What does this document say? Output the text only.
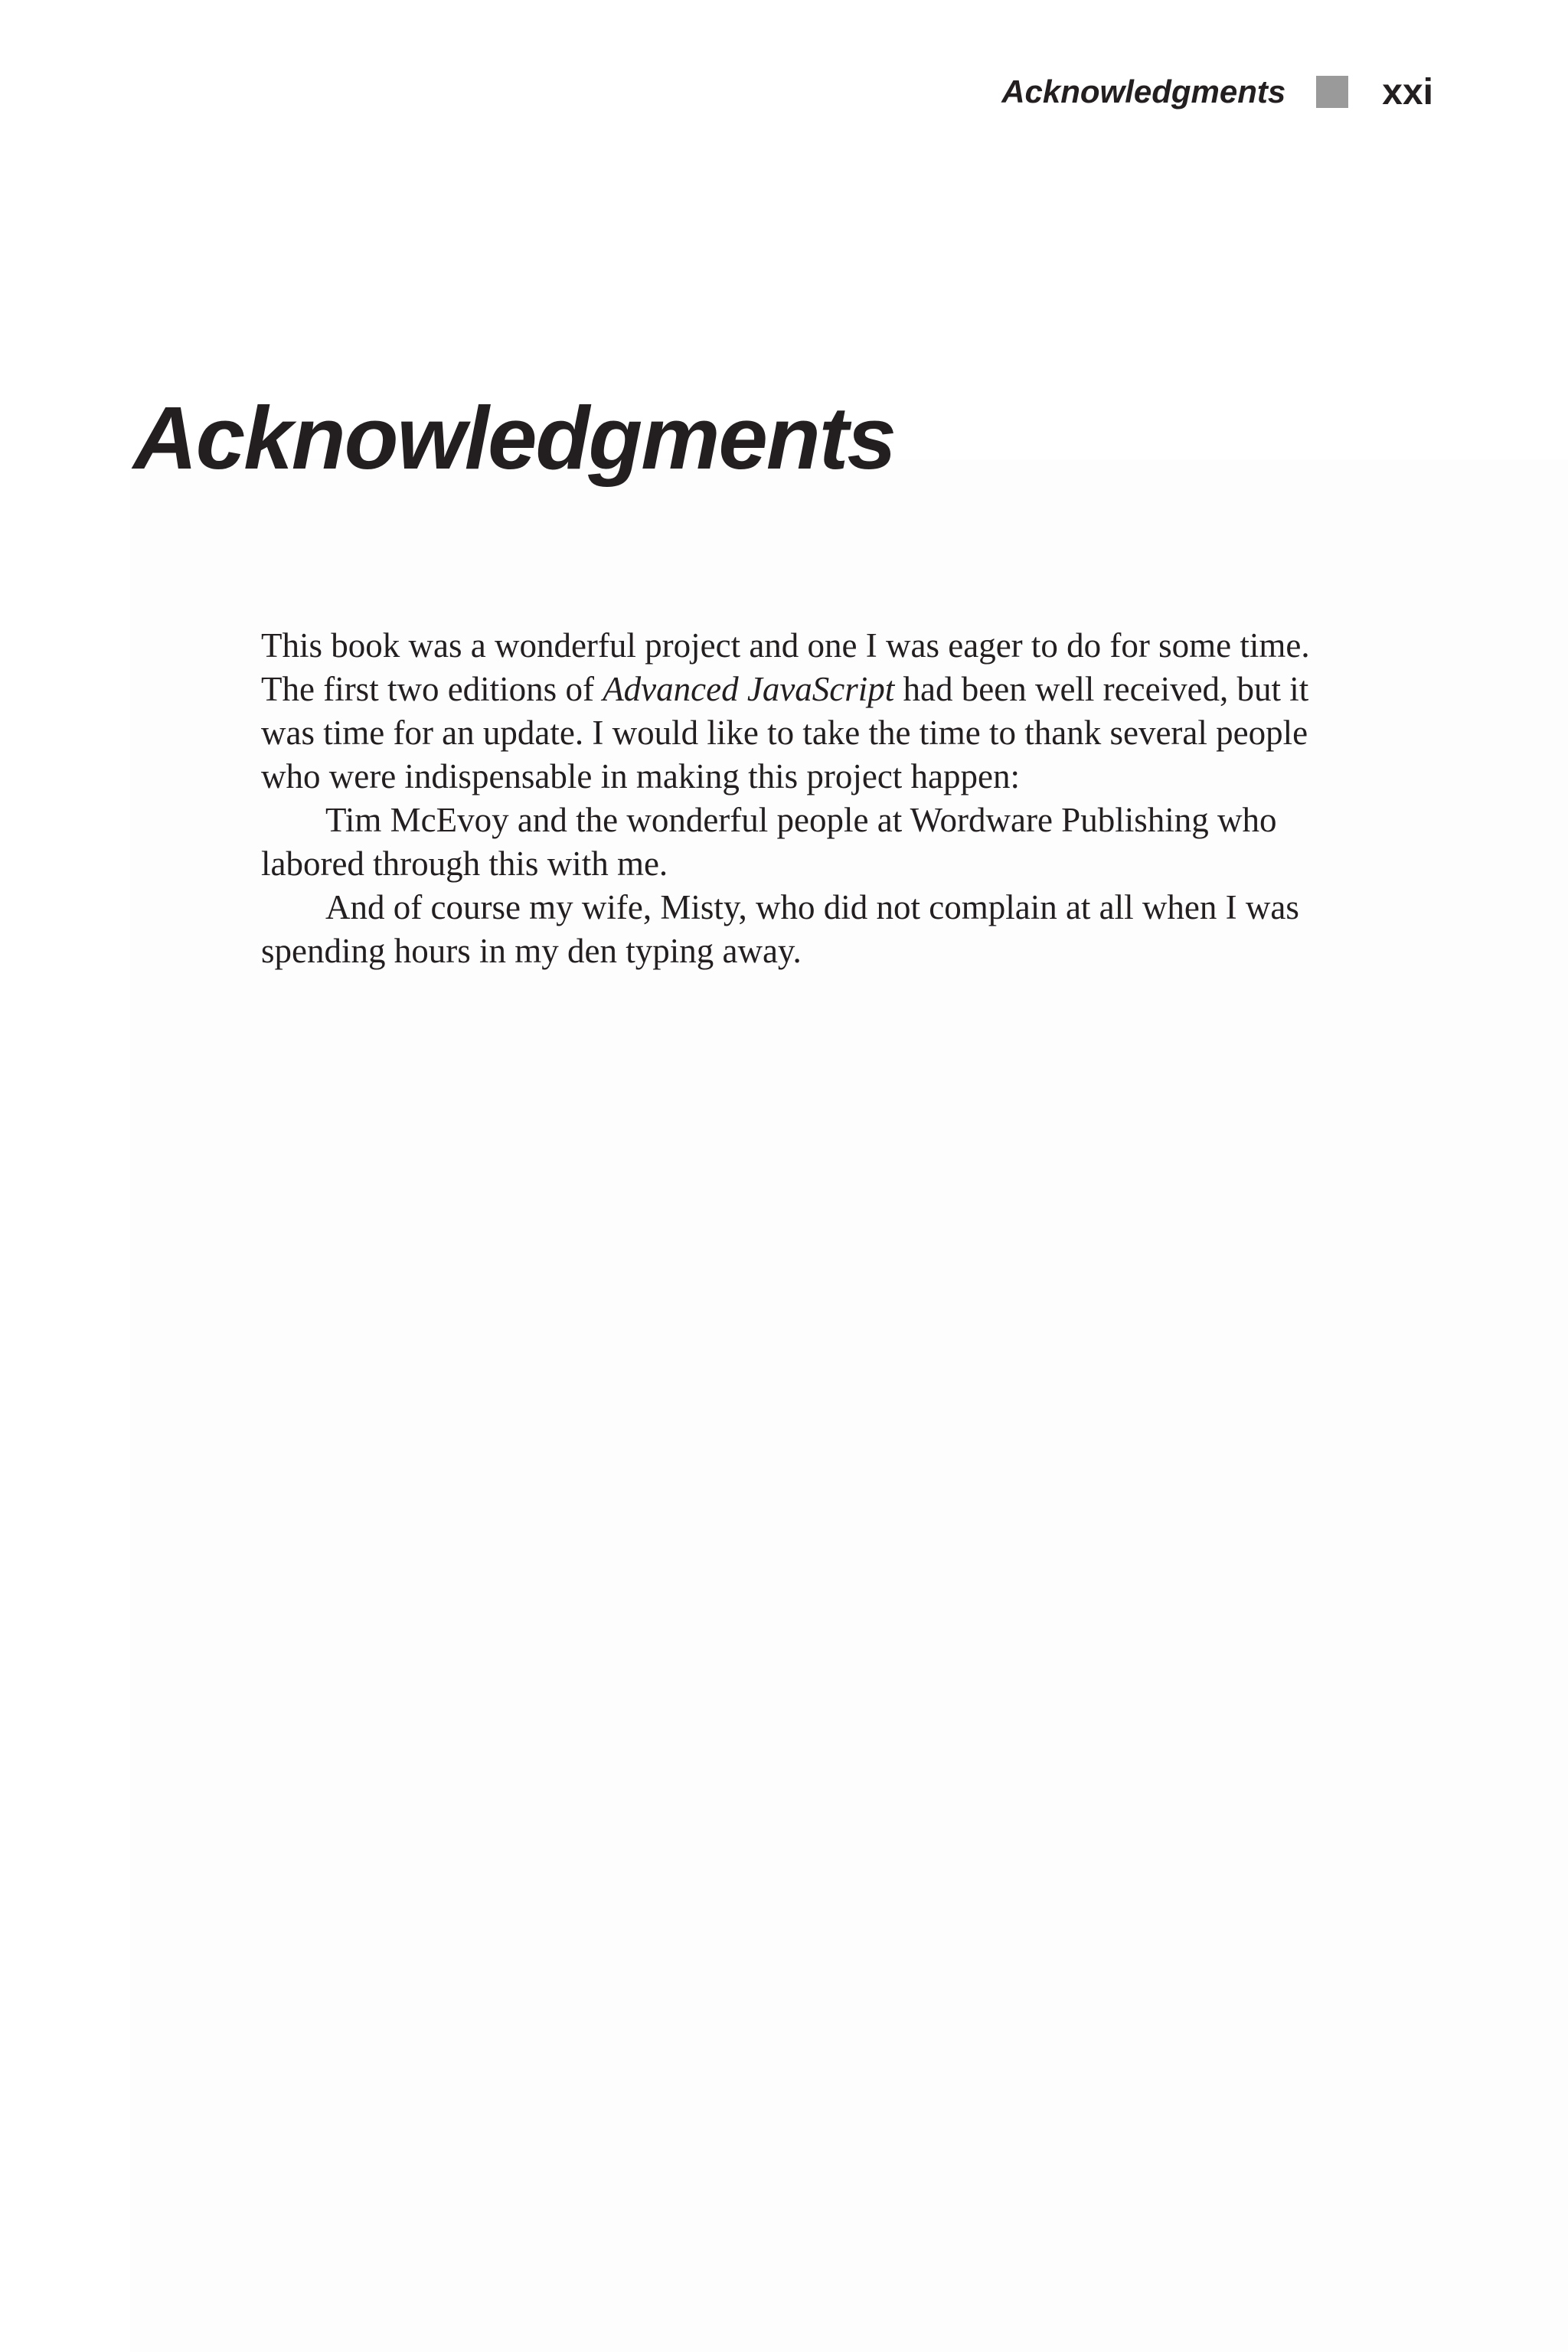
Acknowledgments	xxi
Acknowledgments

This book was a wonderful project and one I was eager to do for some time.
The first two editions of Advanced JavaScript had been well received, but it
was time for an update. I would like to take the time to thank several people
who were indispensable in making this project happen:

Tim McEvoy and the wonderful people at Wordware Publishing who
labored through this with me.

And of course my wife, Misty, who did not complain at all when I was
spending hours in my den typing away.
